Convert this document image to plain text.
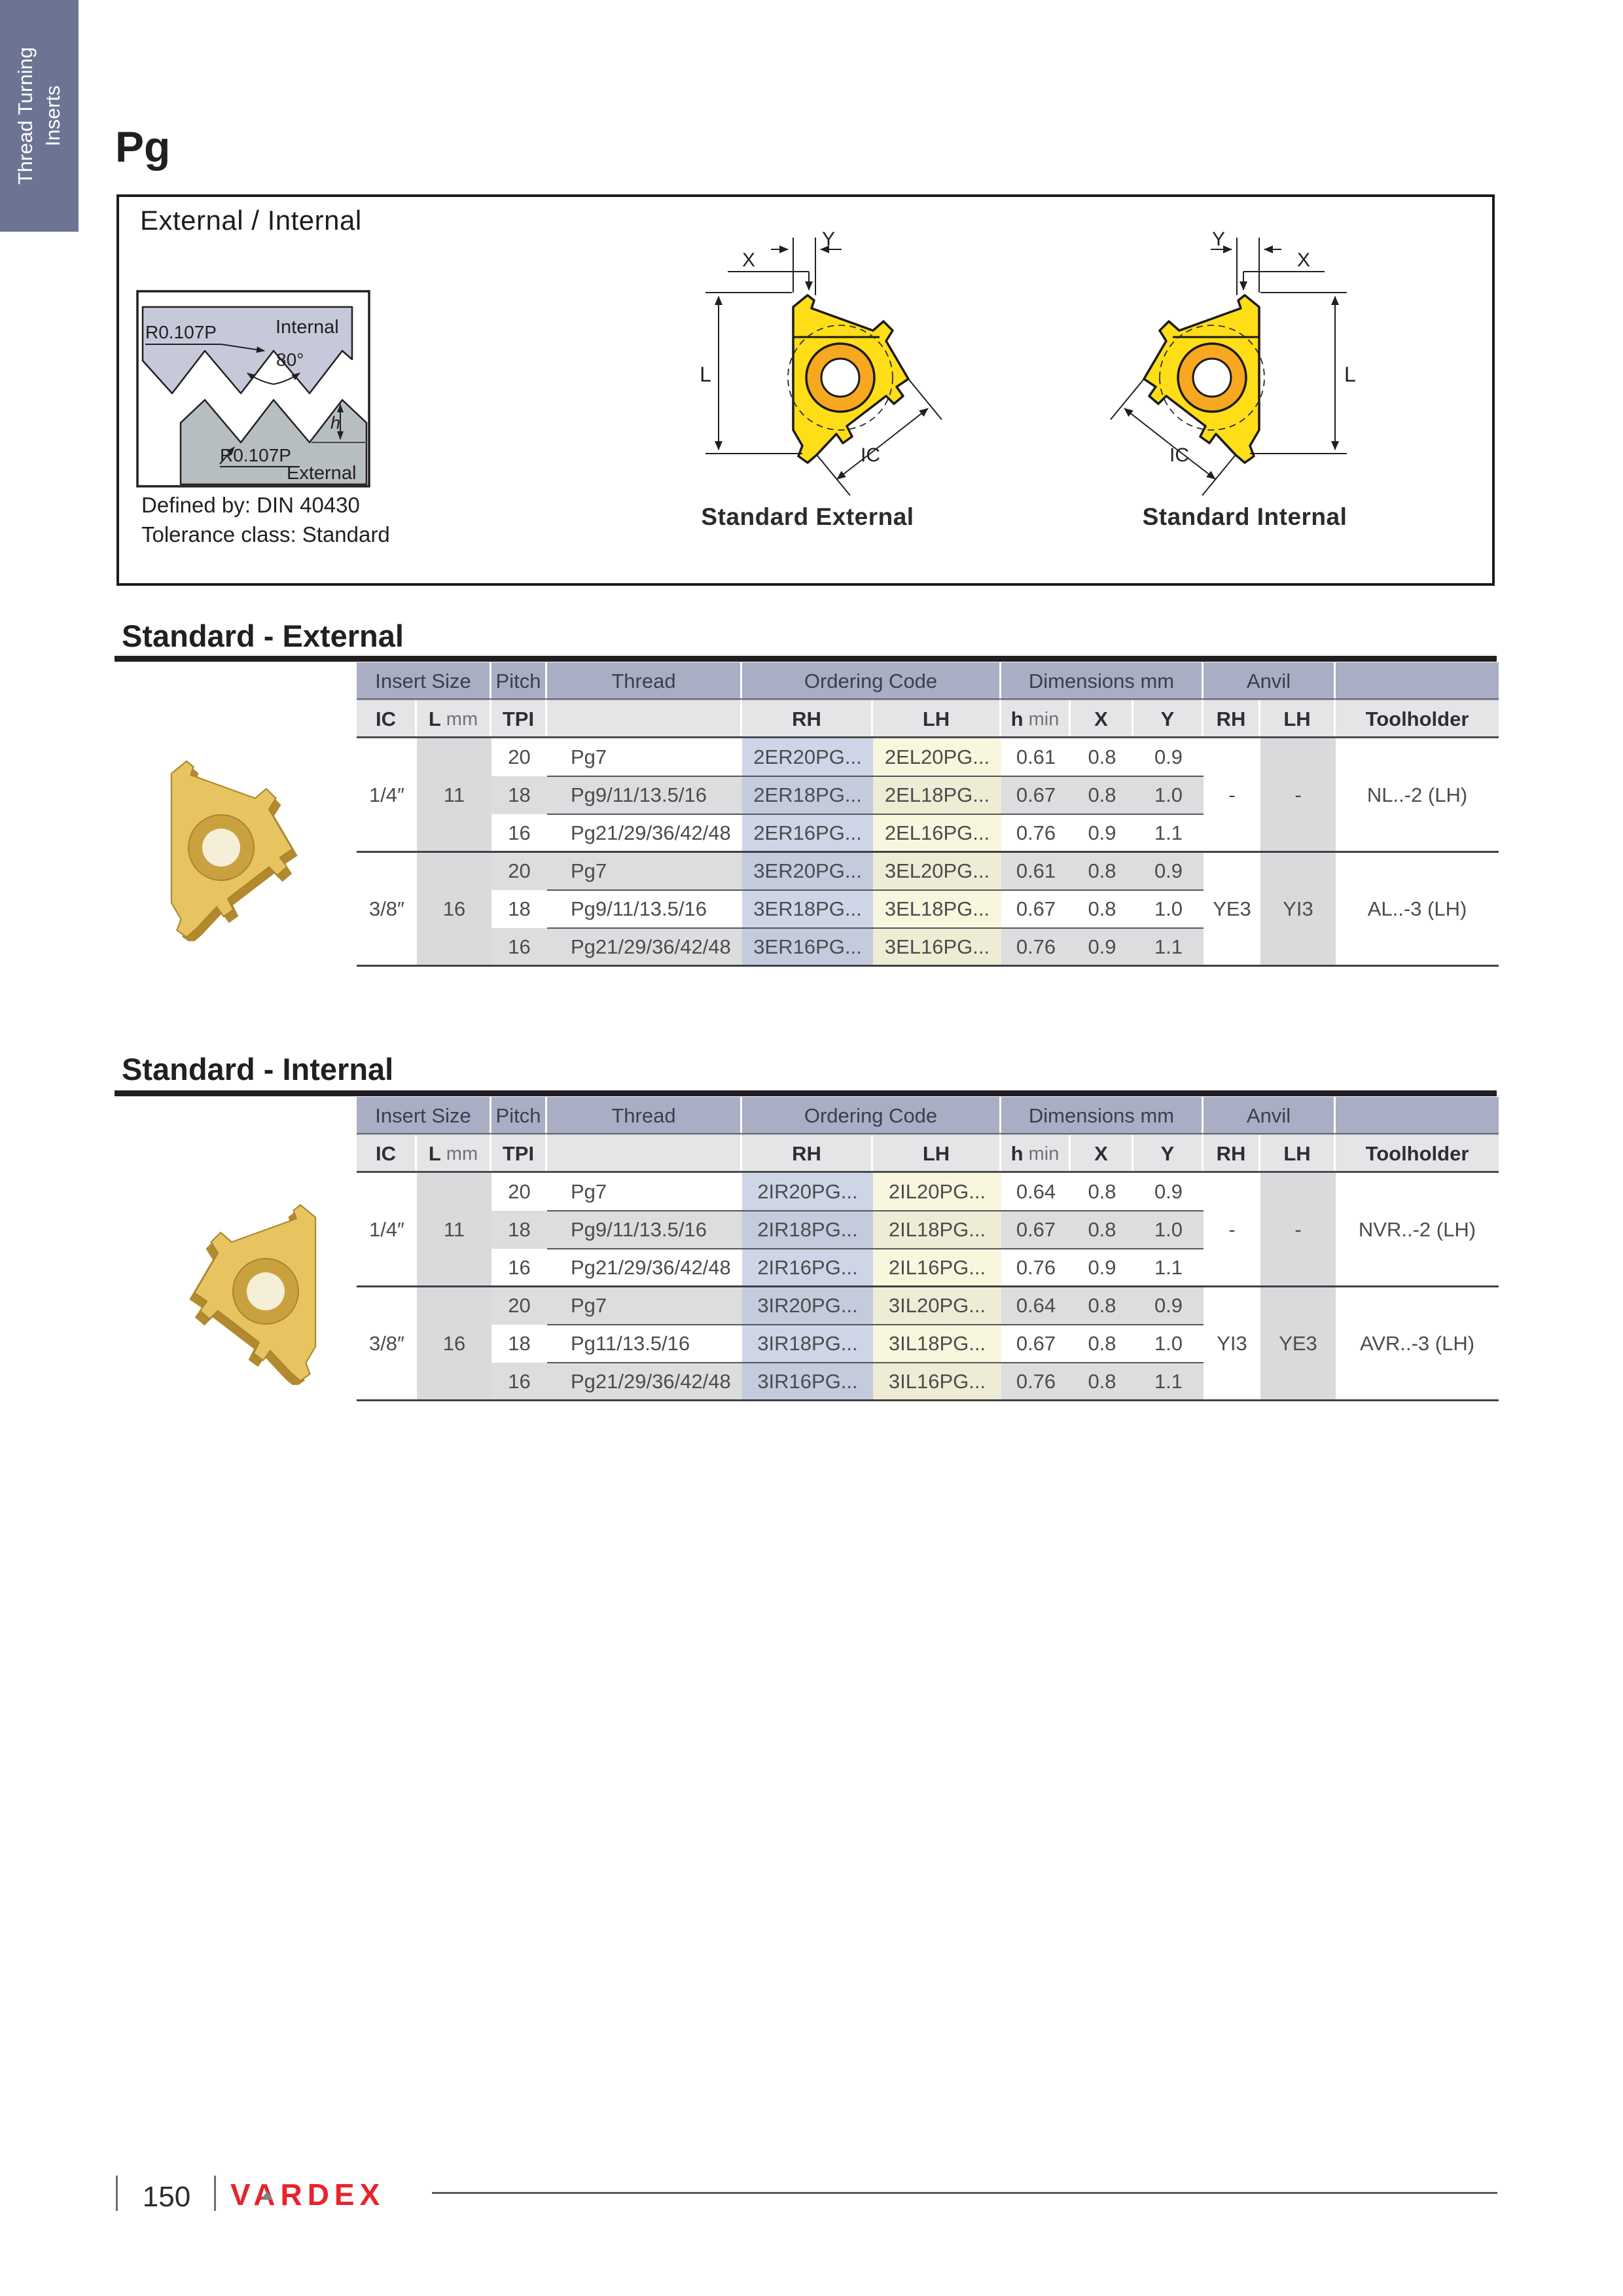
Thread Turning Inserts
Pg
External / Internal
R0.107P	Internal
80°
h
R0.107P
External
Defined by: DIN 40430
Tolerance class: Standard
Y
X
L
IC
Standard External
Y
X
L
IC
Standard Internal
Standard - External
Insert Size	Pitch	Thread	Ordering Code	Dimensions mm	Anvil
IC	L mm	TPI	RH	LH	h min	X	Y	RH	LH	Toolholder
1/4″	11	-	-	NL..-2 (LH)
20	Pg7	2ER20PG...	2EL20PG...	0.61	0.8	0.9
18	Pg9/11/13.5/16	2ER18PG...	2EL18PG...	0.67	0.8	1.0
16	Pg21/29/36/42/48	2ER16PG...	2EL16PG...	0.76	0.9	1.1
3/8″	16	YE3	YI3	AL..-3 (LH)
20	Pg7	3ER20PG...	3EL20PG...	0.61	0.8	0.9
18	Pg9/11/13.5/16	3ER18PG...	3EL18PG...	0.67	0.8	1.0
16	Pg21/29/36/42/48	3ER16PG...	3EL16PG...	0.76	0.9	1.1
Standard - Internal
Insert Size	Pitch	Thread	Ordering Code	Dimensions mm	Anvil
IC	L mm	TPI	RH	LH	h min	X	Y	RH	LH	Toolholder
1/4″	11	-	-	NVR..-2 (LH)
20	Pg7	2IR20PG...	2IL20PG...	0.64	0.8	0.9
18	Pg9/11/13.5/16	2IR18PG...	2IL18PG...	0.67	0.8	1.0
16	Pg21/29/36/42/48	2IR16PG...	2IL16PG...	0.76	0.9	1.1
3/8″	16	YI3	YE3	AVR..-3 (LH)
20	Pg7	3IR20PG...	3IL20PG...	0.64	0.8	0.9
18	Pg11/13.5/16	3IR18PG...	3IL18PG...	0.67	0.8	1.0
16	Pg21/29/36/42/48	3IR16PG...	3IL16PG...	0.76	0.8	1.1
150	VARDEX
